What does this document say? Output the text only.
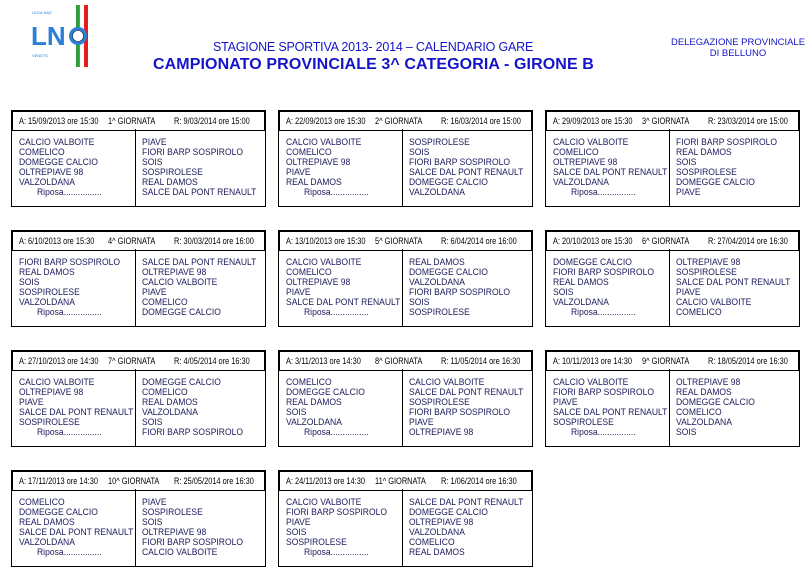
LN
LEGA NAZ.
VENETO
STAGIONE SPORTIVA 2013- 2014 – CALENDARIO GARE
CAMPIONATO PROVINCIALE 3^ CATEGORIA - GIRONE B
DELEGAZIONE PROVINCIALE
DI BELLUNO
A: 15/09/2013 ore 15:30 1^ GIORNATA R: 9/03/2014 ore 15:00
CALCIO VALBOITE
COMELICO
DOMEGGE CALCIO
OLTREPIAVE 98
VALZOLDANA
Riposa................
PIAVE
FIORI BARP SOSPIROLO
SOIS
SOSPIROLESE
REAL DAMOS
SALCE DAL PONT RENAULT
A: 22/09/2013 ore 15:30 2^ GIORNATA R: 16/03/2014 ore 15:00
CALCIO VALBOITE
COMELICO
OLTREPIAVE 98
PIAVE
REAL DAMOS
Riposa................
SOSPIROLESE
SOIS
FIORI BARP SOSPIROLO
SALCE DAL PONT RENAULT
DOMEGGE CALCIO
VALZOLDANA
A: 29/09/2013 ore 15:30 3^ GIORNATA R: 23/03/2014 ore 15:00
CALCIO VALBOITE
COMELICO
OLTREPIAVE 98
SALCE DAL PONT RENAULT
VALZOLDANA
Riposa................
FIORI BARP SOSPIROLO
REAL DAMOS
SOIS
SOSPIROLESE
DOMEGGE CALCIO
PIAVE
A: 6/10/2013 ore 15:30 4^ GIORNATA R: 30/03/2014 ore 16:00
FIORI BARP SOSPIROLO
REAL DAMOS
SOIS
SOSPIROLESE
VALZOLDANA
Riposa................
SALCE DAL PONT RENAULT
OLTREPIAVE 98
CALCIO VALBOITE
PIAVE
COMELICO
DOMEGGE CALCIO
A: 13/10/2013 ore 15:30 5^ GIORNATA R: 6/04/2014 ore 16:00
CALCIO VALBOITE
COMELICO
OLTREPIAVE 98
PIAVE
SALCE DAL PONT RENAULT
Riposa................
REAL DAMOS
DOMEGGE CALCIO
VALZOLDANA
FIORI BARP SOSPIROLO
SOIS
SOSPIROLESE
A: 20/10/2013 ore 15:30 6^ GIORNATA R: 27/04/2014 ore 16:30
DOMEGGE CALCIO
FIORI BARP SOSPIROLO
REAL DAMOS
SOIS
VALZOLDANA
Riposa................
OLTREPIAVE 98
SOSPIROLESE
SALCE DAL PONT RENAULT
PIAVE
CALCIO VALBOITE
COMELICO
A: 27/10/2013 ore 14:30 7^ GIORNATA R: 4/05/2014 ore 16:30
CALCIO VALBOITE
OLTREPIAVE 98
PIAVE
SALCE DAL PONT RENAULT
SOSPIROLESE
Riposa................
DOMEGGE CALCIO
COMELICO
REAL DAMOS
VALZOLDANA
SOIS
FIORI BARP SOSPIROLO
A: 3/11/2013 ore 14:30 8^ GIORNATA R: 11/05/2014 ore 16:30
COMELICO
DOMEGGE CALCIO
REAL DAMOS
SOIS
VALZOLDANA
Riposa................
CALCIO VALBOITE
SALCE DAL PONT RENAULT
SOSPIROLESE
FIORI BARP SOSPIROLO
PIAVE
OLTREPIAVE 98
A: 10/11/2013 ore 14:30 9^ GIORNATA R: 18/05/2014 ore 16:30
CALCIO VALBOITE
FIORI BARP SOSPIROLO
PIAVE
SALCE DAL PONT RENAULT
SOSPIROLESE
Riposa................
OLTREPIAVE 98
REAL DAMOS
DOMEGGE CALCIO
COMELICO
VALZOLDANA
SOIS
A: 17/11/2013 ore 14:30 10^ GIORNATA R: 25/05/2014 ore 16:30
COMELICO
DOMEGGE CALCIO
REAL DAMOS
SALCE DAL PONT RENAULT
VALZOLDANA
Riposa................
PIAVE
SOSPIROLESE
SOIS
OLTREPIAVE 98
FIORI BARP SOSPIROLO
CALCIO VALBOITE
A: 24/11/2013 ore 14:30 11^ GIORNATA R: 1/06/2014 ore 16:30
CALCIO VALBOITE
FIORI BARP SOSPIROLO
PIAVE
SOIS
SOSPIROLESE
Riposa................
SALCE DAL PONT RENAULT
DOMEGGE CALCIO
OLTREPIAVE 98
VALZOLDANA
COMELICO
REAL DAMOS
